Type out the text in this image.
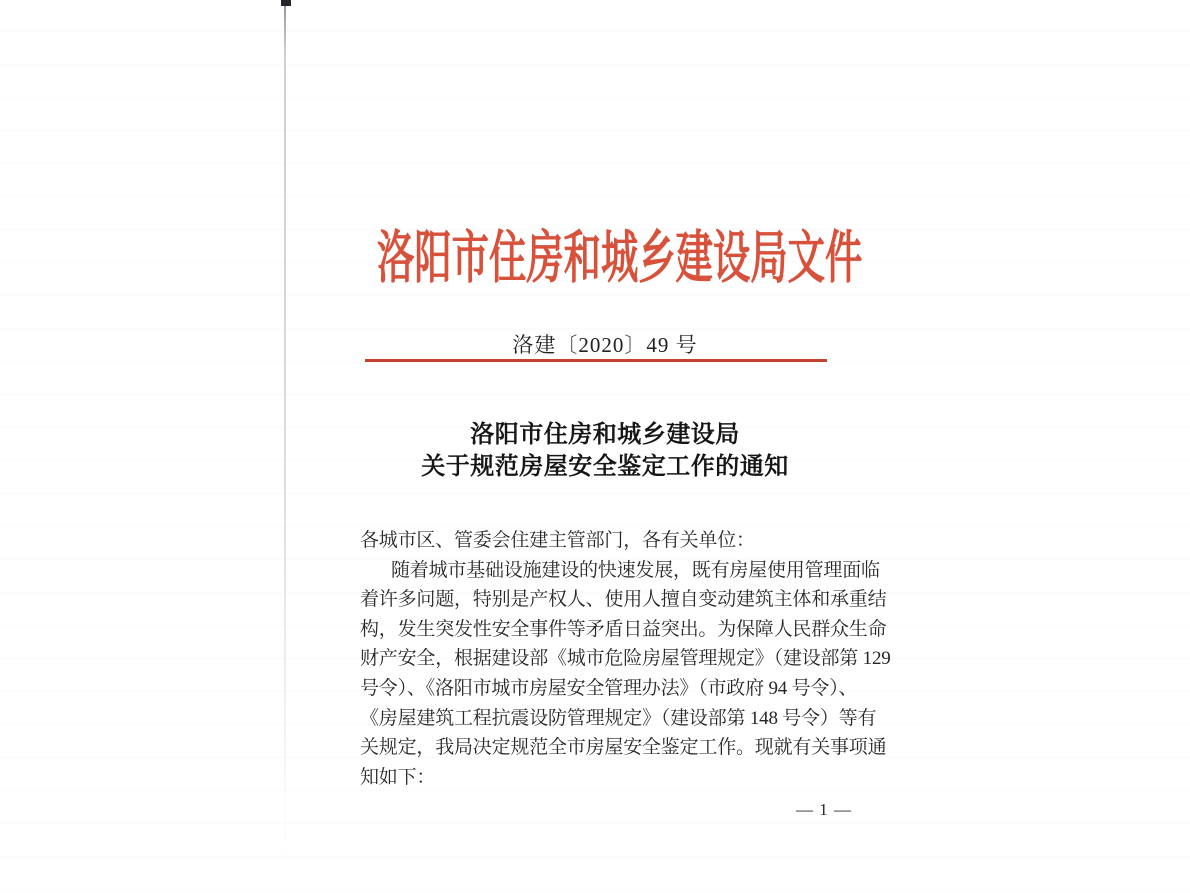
洛阳市住房和城乡建设局文件
洛建〔2020〕49 号
洛阳市住房和城乡建设局
关于规范房屋安全鉴定工作的通知
各城市区、管委会住建主管部门，各有关单位：
随着城市基础设施建设的快速发展，既有房屋使用管理面临
着许多问题，特别是产权人、使用人擅自变动建筑主体和承重结
构，发生突发性安全事件等矛盾日益突出。为保障人民群众生命
财产安全，根据建设部《城市危险房屋管理规定》（建设部第 129
号令）、《洛阳市城市房屋安全管理办法》（市政府 94 号令）、
《房屋建筑工程抗震设防管理规定》（建设部第 148 号令）等有
关规定，我局决定规范全市房屋安全鉴定工作。现就有关事项通
知如下：
— 1 —
